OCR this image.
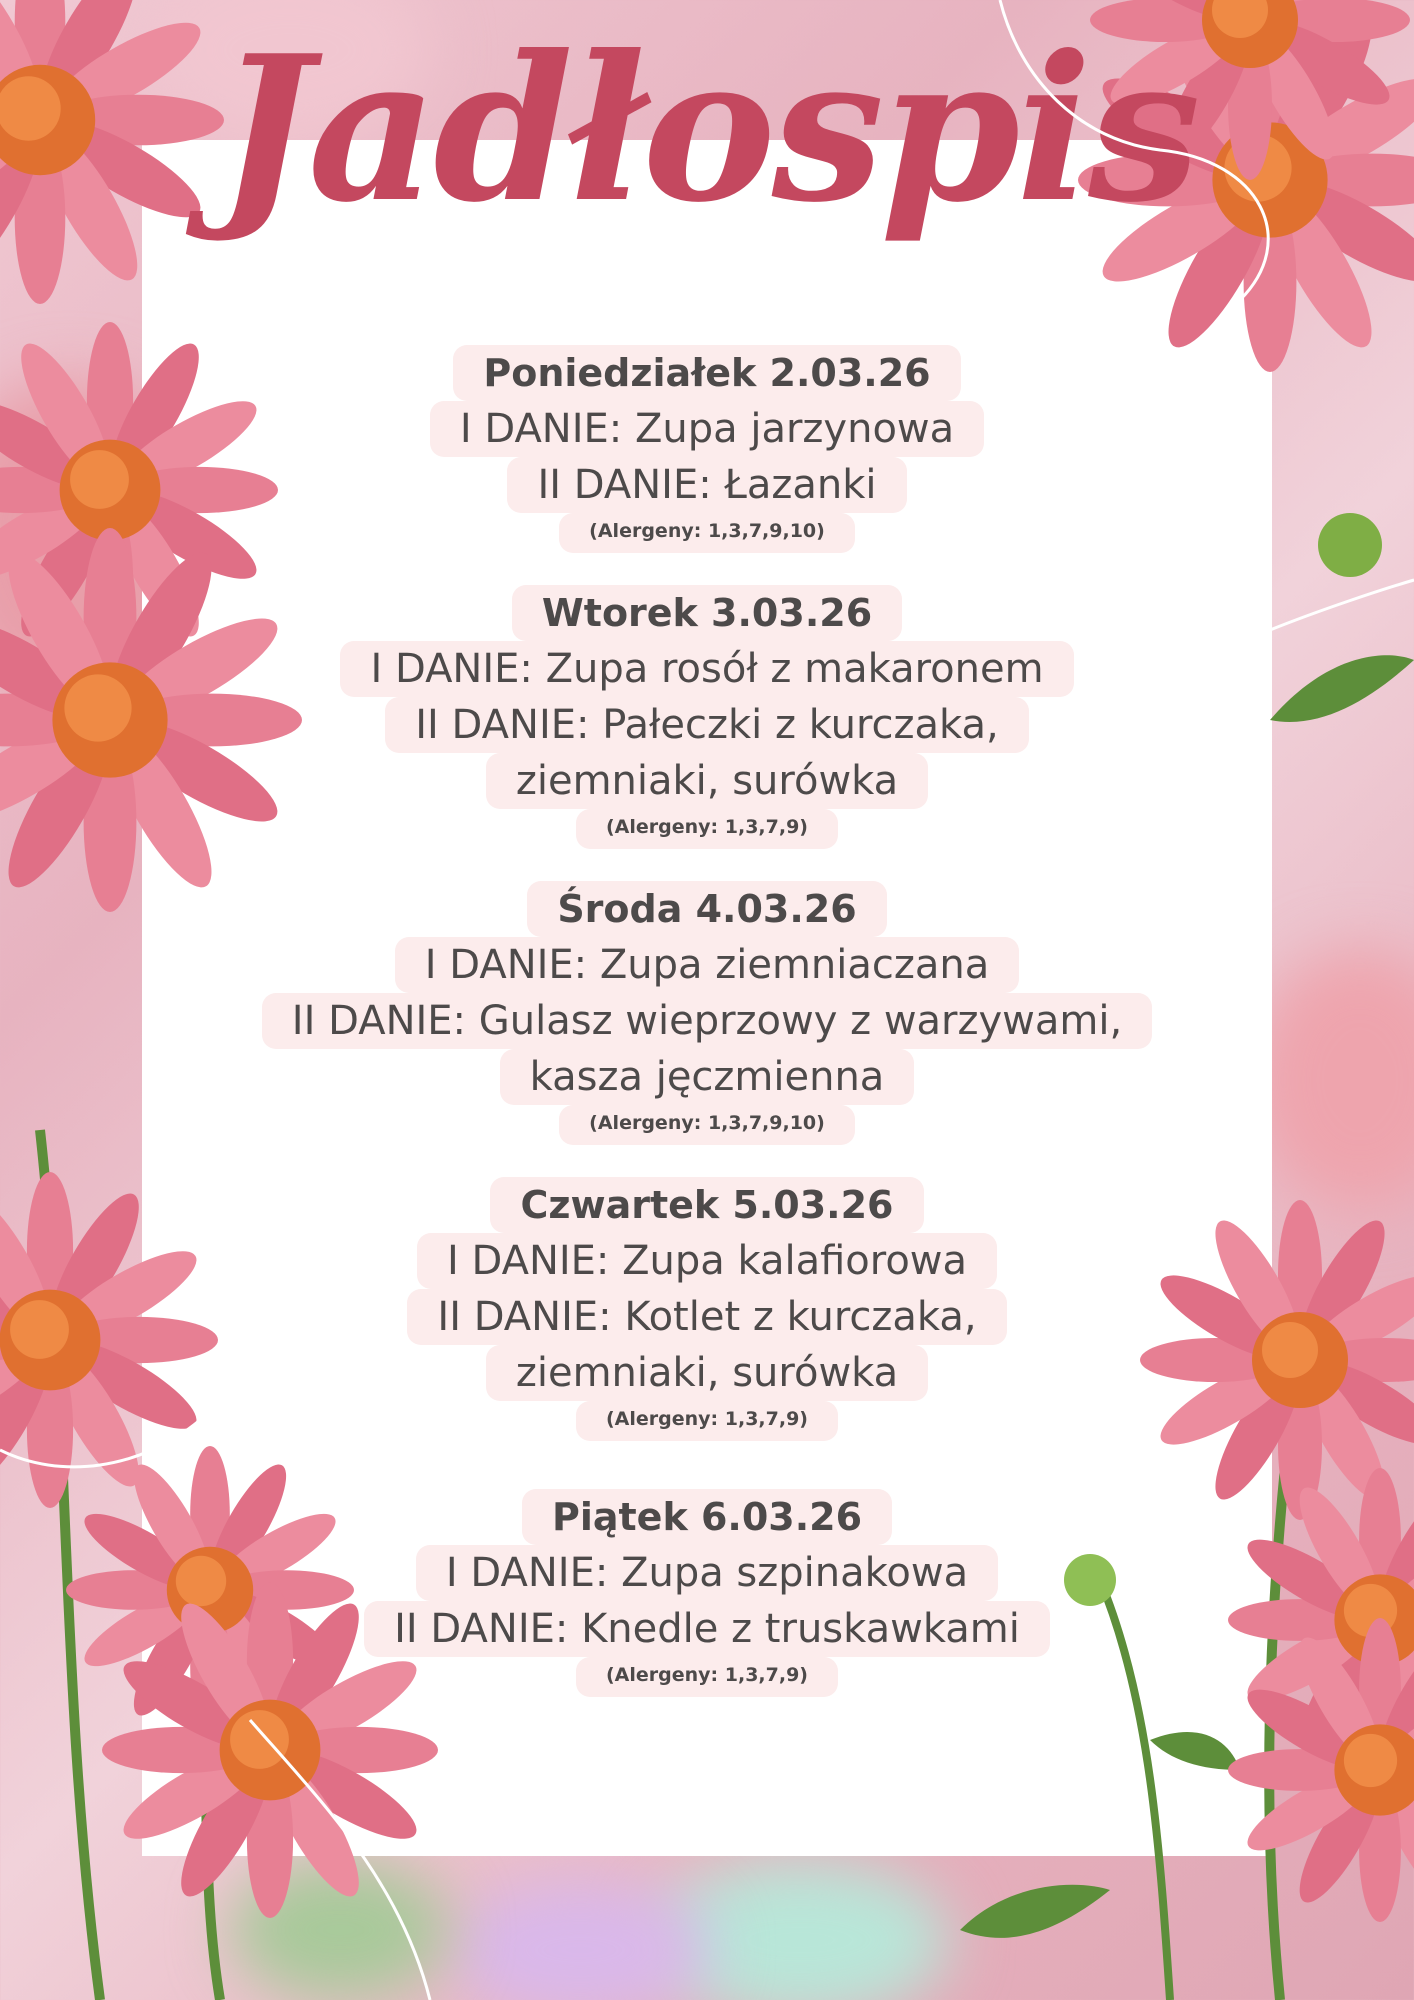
Jadłospis
Poniedziałek 2.03.26
I DANIE: Zupa jarzynowa
II DANIE: Łazanki
(Alergeny: 1,3,7,9,10)
Wtorek 3.03.26
I DANIE: Zupa rosół z makaronem
II DANIE: Pałeczki z kurczaka,
ziemniaki, surówka
(Alergeny: 1,3,7,9)
Środa 4.03.26
I DANIE: Zupa ziemniaczana
II DANIE: Gulasz wieprzowy z warzywami,
kasza jęczmienna
(Alergeny: 1,3,7,9,10)
Czwartek 5.03.26
I DANIE: Zupa kalafiorowa
II DANIE: Kotlet z kurczaka,
ziemniaki, surówka
(Alergeny: 1,3,7,9)
Piątek 6.03.26
I DANIE: Zupa szpinakowa
II DANIE: Knedle z truskawkami
(Alergeny: 1,3,7,9)
